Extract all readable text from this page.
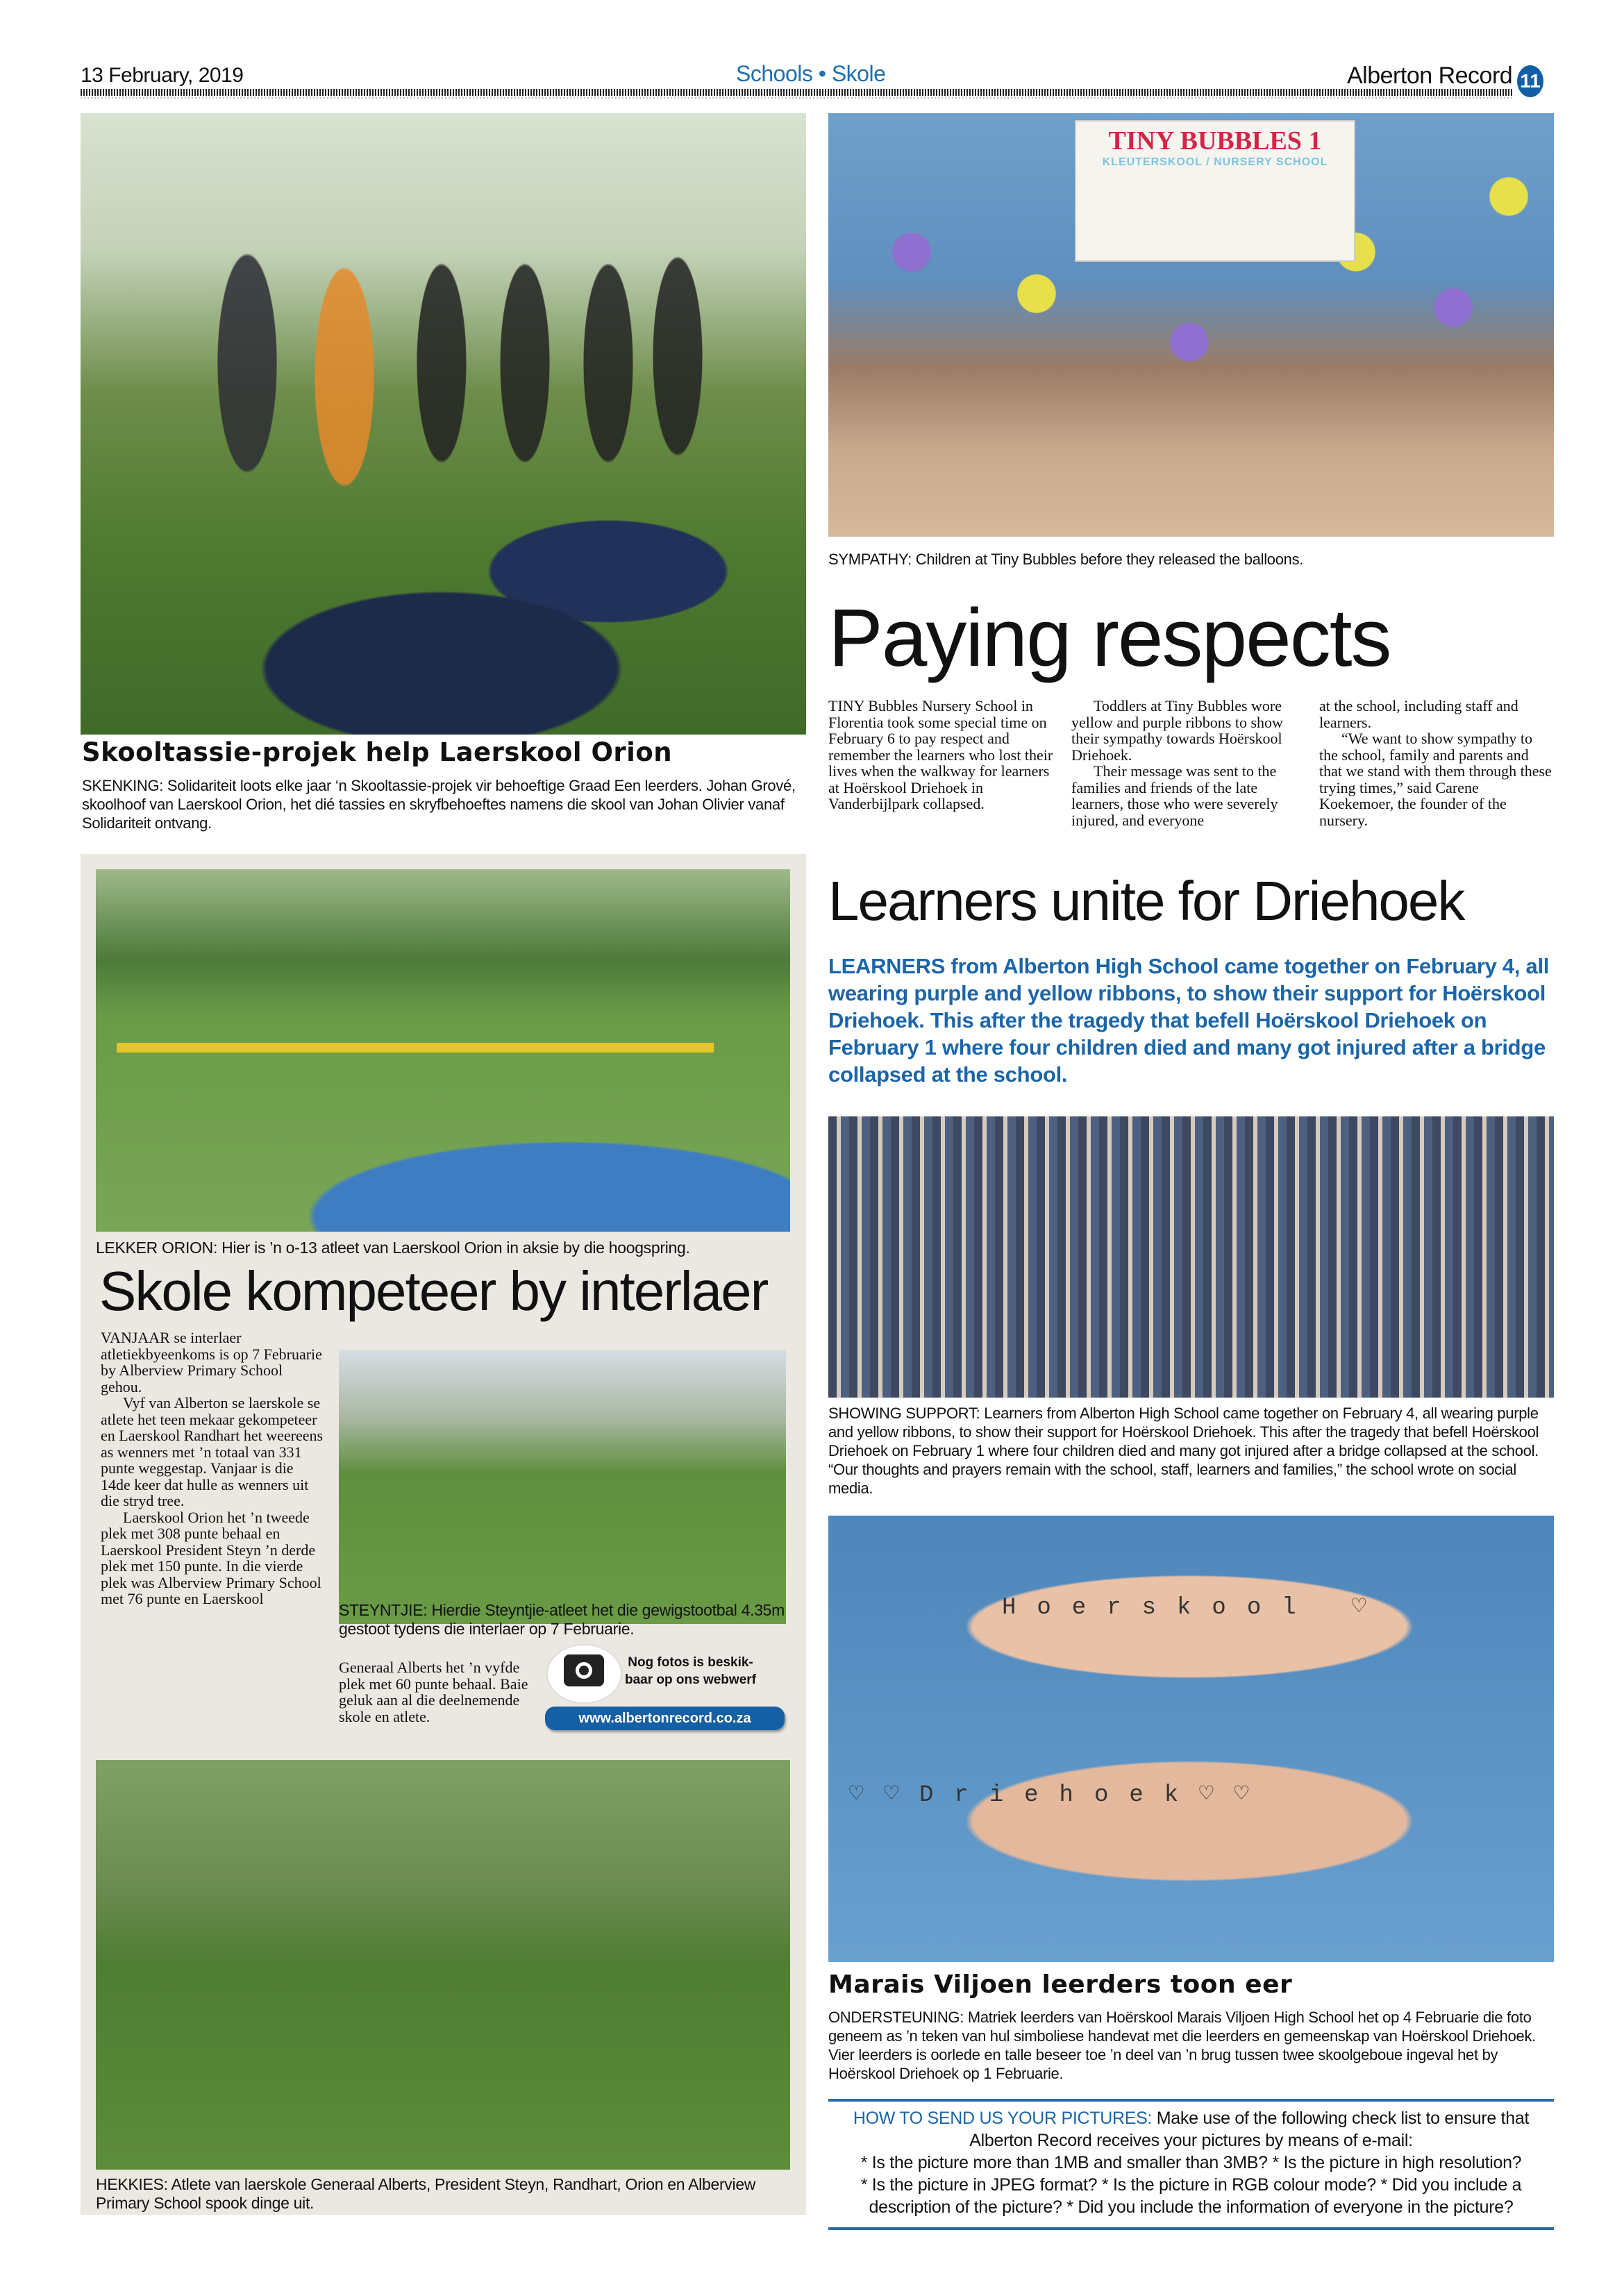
13 February, 2019	Schools • Skole	Alberton Record 11
Skooltassie-projek help Laerskool Orion
SKENKING: Solidariteit loots elke jaar ‘n Skooltassie-projek vir behoeftige Graad Een leerders. Johan Grové, skoolhoof van Laerskool Orion, het dié tassies en skryfbehoeftes namens die skool van Johan Olivier vanaf Solidariteit ontvang.
TINY BUBBLES 1
KLEUTERSKOOL / NURSERY SCHOOL
SYMPATHY: Children at Tiny Bubbles before they released the balloons.
Paying respects

TINY Bubbles Nursery School in Florentia took some special time on February 6 to pay respect and remember the learners who lost their lives when the walkway for learners at Hoërskool Driehoek in Vanderbijlpark collapsed.

Toddlers at Tiny Bubbles wore yellow and purple ribbons to show their sympathy towards Hoërskool Driehoek.

Their message was sent to the families and friends of the late learners, those who were severely injured, and everyone

at the school, including staff and learners.

“We want to show sympathy to the school, family and parents and that we stand with them through these trying times,” said Carene Koekemoer, the founder of the nursery.

Learners unite for Driehoek
LEARNERS from Alberton High School came together on February 4, all wearing purple and yellow ribbons, to show their support for Hoërskool Driehoek. This after the tragedy that befell Hoërskool Driehoek on February 1 where four children died and many got injured after a bridge collapsed at the school.
SHOWING SUPPORT: Learners from Alberton High School came together on February 4, all wearing purple and yellow ribbons, to show their support for Hoërskool Driehoek. This after the tragedy that befell Hoërskool Driehoek on February 1 where four children died and many got injured after a bridge collapsed at the school. “Our thoughts and prayers remain with the school, staff, learners and families,” the school wrote on social media.
Hoerskool ♡
♡♡Driehoek♡♡
Marais Viljoen leerders toon eer
ONDERSTEUNING: Matriek leerders van Hoërskool Marais Viljoen High School het op 4 Februarie die foto geneem as ’n teken van hul simboliese handevat met die leerders en gemeenskap van Hoërskool Driehoek. Vier leerders is oorlede en talle beseer toe ’n deel van ’n brug tussen twee skoolgeboue ingeval het by Hoërskool Driehoek op 1 Februarie.
HOW TO SEND US YOUR PICTURES: Make use of the following check list to ensure that Alberton Record receives your pictures by means of e-mail:
* Is the picture more than 1MB and smaller than 3MB? * Is the picture in high resolution?
* Is the picture in JPEG format? * Is the picture in RGB colour mode? * Did you include a description of the picture? * Did you include the information of everyone in the picture?
LEKKER ORION: Hier is ’n o-13 atleet van Laerskool Orion in aksie by die hoogspring.
Skole kompeteer by interlaer

VANJAAR se interlaer atletiekbyeenkoms is op 7 Februarie by Alberview Primary School gehou.

Vyf van Alberton se laerskole se atlete het teen mekaar gekompeteer en Laerskool Randhart het weereens as wenners met ’n totaal van 331 punte weggestap. Vanjaar is die 14de keer dat hulle as wenners uit die stryd tree.

Laerskool Orion het ’n tweede plek met 308 punte behaal en Laerskool President Steyn ’n derde plek met 150 punte. In die vierde plek was Alberview Primary School met 76 punte en Laerskool

STEYNTJIE: Hierdie Steyntjie-atleet het die gewigstootbal 4.35m gestoot tydens die interlaer op 7 Februarie.

Generaal Alberts het ’n vyfde plek met 60 punte behaal. Baie geluk aan al die deelnemende skole en atlete.

Nog fotos is beskik-
baar op ons webwerf
www.albertonrecord.co.za
HEKKIES: Atlete van laerskole Generaal Alberts, President Steyn, Randhart, Orion en Alberview Primary School spook dinge uit.
